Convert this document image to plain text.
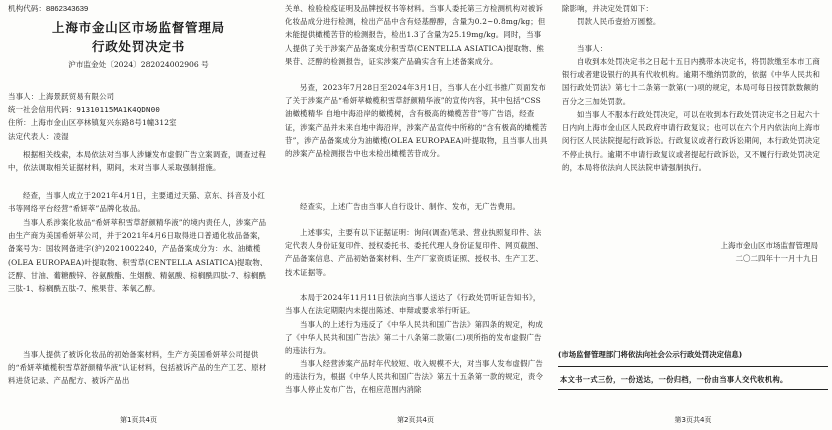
机构代码：8862343639
上海市金山区市场监督管理局
行政处罚决定书
沪市监金处〔2024〕282024002906 号
当事人：上海景跃贸易有限公司
统一社会信用代码：91310115MA1K4QDN00
住所：上海市金山区亭林镇复兴东路8号1幢312室
法定代表人：凌湿
根据相关线索，本局依法对当事人涉嫌发布虚假广告立案调查，调查过程中，依法调取相关证据材料，期间，未对当事人采取强制措施。
经查，当事人成立于2021年4月1日，主要通过天猫、京东、抖音及小红书等网络平台经营“希妍萃”品牌化妆品。
当事人系涉案化妆品“希妍萃积雪草舒颜精华液”的境内责任人，涉案产品由生产商为美国希妍萃公司，并于2021年4月6日取得进口普通化妆品备案，备案号为：国妆网备进字(沪)2021002240，产品备案成分为：水、油橄榄(OLEA EUROPAEA)叶提取物、积雪草(CENTELLA ASIATICA)提取物、泛醇、甘油、葡糖酸锌、谷氨酸酯、生烟酸、精氨酸、棕榈酰四肽-7、棕榈酰三肽-1、棕榈酰五肽-7、熊果苷、苯氧乙醇。
当事人提供了被诉化妆品的初始备案材料，生产方美国希妍萃公司提供的“希妍萃橄榄积雪草舒颜精华液”认证材料，包括被诉产品的生产工艺、原材料进货记录、产品配方、被诉产品出
第1页共4页
关单、检验检疫证明及品牌授权书等材料。当事人委托第三方检测机构对被诉化妆品成分进行检测，检出产品中含有烃基醇醇，含量为0.2~0.8mg/kg；但未能提供橄榄苦苷的检测报告，检出1.3了含量为25.19mg/kg。同时，当事人提供了关于涉案产品备案成分积雪草(CENTELLA ASIATICA)提取物、熊果苷、泛醇的检测报告，证实涉案产品确实含有上述备案成分。
另查，2023年7月28日至2024年3月1日，当事人在小红书推广页面发布了关于涉案产品“希妍萃橄榄积雪草舒颜精华液”的宣传内容，其中包括“CSS油橄榄精华 自地中海沿岸的橄榄树，含有极高的橄榄苦苷”等广告语，经查证，涉案产品并未来自地中海沿岸，涉案产品宣传中所称的“含有极高的橄榄苦苷”，涉产品备案成分为油橄榄(OLEA EUROPAEA)叶提取物，且当事人出具的涉案产品检测报告中也未检出橄榄苦苷成分。
经查实，上述广告由当事人自行设计、制作、发布，无广告费用。
上述事实，主要有以下证据证明：询问(调查)笔录、营业执照复印件、法定代表人身份证复印件、授权委托书、委托代理人身份证复印件、网页截图、产品备案信息、产品初始备案材料、生产厂家资质证照、授权书、生产工艺、技术证据等。
本局于2024年11月11日依法向当事人送达了《行政处罚听证告知书》，当事人在法定期限内未提出陈述、申辩或要求举行听证。
当事人的上述行为违反了《中华人民共和国广告法》第四条的规定，构成了《中华人民共和国广告法》第二十八条第二款第(二)项所指的发布虚假广告的违法行为。
当事人经营涉案产品时年代较短、收入规模不大，对当事人发布虚假广告的违法行为，根据《中华人民共和国广告法》第五十五条第一款的规定，责令当事人停止发布广告，在相应范围内消除
第2页共4页
除影响，并决定处罚如下：
罚款人民币壹拾万圆整。
当事人：
自收到本处罚决定书之日起十五日内携带本决定书，将罚款缴至本市工商银行或者建设银行的具有代收机构。逾期不缴纳罚款的，依据《中华人民共和国行政处罚法》第七十二条第一款第(一)项的规定，本局可每日按罚款数额的百分之三加处罚款。
如当事人不服本行政处罚决定，可以在收到本行政处罚决定书之日起六十日内向上海市金山区人民政府申请行政复议；也可以在六个月内依法向上海市闵行区人民法院提起行政诉讼。行政复议或者行政诉讼期间，本行政处罚决定不停止执行。逾期不申请行政复议或者提起行政诉讼，又不履行行政处罚决定的，本局将依法向人民法院申请强制执行。
上海市金山区市场监督管理局
二〇二四年十一月十九日
(市场监督管理部门将依法向社会公示行政处罚决定信息)
本文书一式三份，一份送达，一份归档，一份由当事人交代收机构。
第3页共4页
